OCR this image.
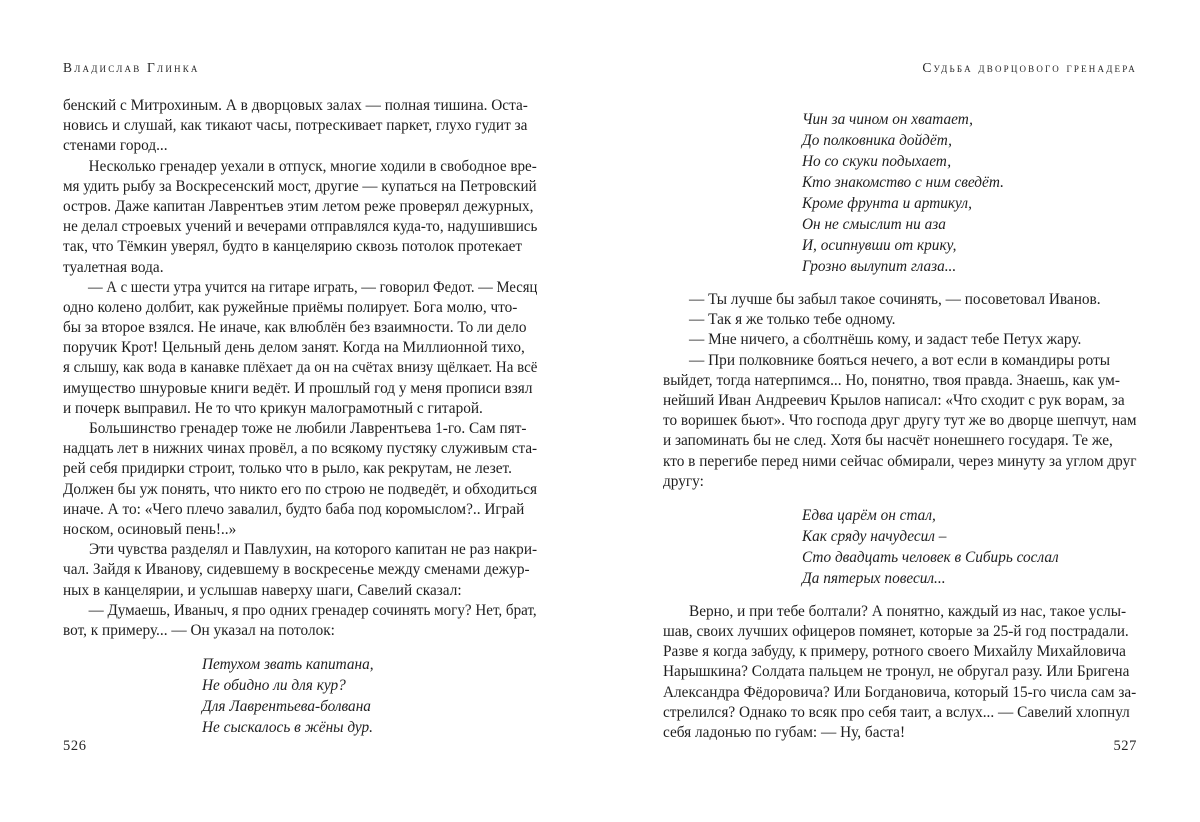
Владислав Глинка
бенский с Митрохиным. А в дворцовых залах — полная тишина. Оста-
новись и слушай, как тикают часы, потрескивает паркет, глухо гудит за
стенами город...
Несколько гренадер уехали в отпуск, многие ходили в свободное вре-
мя удить рыбу за Воскресенский мост, другие — купаться на Петровский
остров. Даже капитан Лаврентьев этим летом реже проверял дежурных,
не делал строевых учений и вечерами отправлялся куда-то, надушившись
так, что Тёмкин уверял, будто в канцелярию сквозь потолок протекает
туалетная вода.
— А с шести утра учится на гитаре играть, — говорил Федот. — Месяц
одно колено долбит, как ружейные приёмы полирует. Бога молю, что-
бы за второе взялся. Не иначе, как влюблён без взаимности. То ли дело
поручик Крот! Цельный день делом занят. Когда на Миллионной тихо,
я слышу, как вода в канавке плёхает да он на счётах внизу щёлкает. На всё
имущество шнуровые книги ведёт. И прошлый год у меня прописи взял
и почерк выправил. Не то что крикун малограмотный с гитарой.
Большинство гренадер тоже не любили Лаврентьева 1-го. Сам пят-
надцать лет в нижних чинах провёл, а по всякому пустяку служивым ста-
рей себя придирки строит, только что в рыло, как рекрутам, не лезет.
Должен бы уж понять, что никто его по строю не подведёт, и обходиться
иначе. А то: «Чего плечо завалил, будто баба под коромыслом?.. Играй
носком, осиновый пень!..»
Эти чувства разделял и Павлухин, на которого капитан не раз накри-
чал. Зайдя к Иванову, сидевшему в воскресенье между сменами дежур-
ных в канцелярии, и услышав наверху шаги, Савелий сказал:
— Думаешь, Иваныч, я про одних гренадер сочинять могу? Нет, брат,
вот, к примеру... — Он указал на потолок:
Петухом звать капитана,
Не обидно ли для кур?
Для Лаврентьева-болвана
Не сыскалось в жёны дур.
526
Судьба дворцового гренадера
Чин за чином он хватает,
До полковника дойдёт,
Но со скуки подыхает,
Кто знакомство с ним сведёт.
Кроме фрунта и артикул,
Он не смыслит ни аза
И, осипнувши от крику,
Грозно вылупит глаза...
— Ты лучше бы забыл такое сочинять, — посоветовал Иванов.
— Так я же только тебе одному.
— Мне ничего, а сболтнёшь кому, и задаст тебе Петух жару.
— При полковнике бояться нечего, а вот если в командиры роты
выйдет, тогда натерпимся... Но, понятно, твоя правда. Знаешь, как ум-
нейший Иван Андреевич Крылов написал: «Что сходит с рук ворам, за
то воришек бьют». Что господа друг другу тут же во дворце шепчут, нам
и запоминать бы не след. Хотя бы насчёт нонешнего государя. Те же,
кто в перегибе перед ними сейчас обмирали, через минуту за углом друг
другу:
Едва царём он стал,
Как сряду начудесил –
Сто двадцать человек в Сибирь сослал
Да пятерых повесил...
Верно, и при тебе болтали? А понятно, каждый из нас, такое услы-
шав, своих лучших офицеров помянет, которые за 25-й год пострадали.
Разве я когда забуду, к примеру, ротного своего Михайлу Михайловича
Нарышкина? Солдата пальцем не тронул, не обругал разу. Или Бригена
Александра Фёдоровича? Или Богдановича, который 15-го числа сам за-
стрелился? Однако то всяк про себя таит, а вслух... — Савелий хлопнул
себя ладонью по губам: — Ну, баста!
527
